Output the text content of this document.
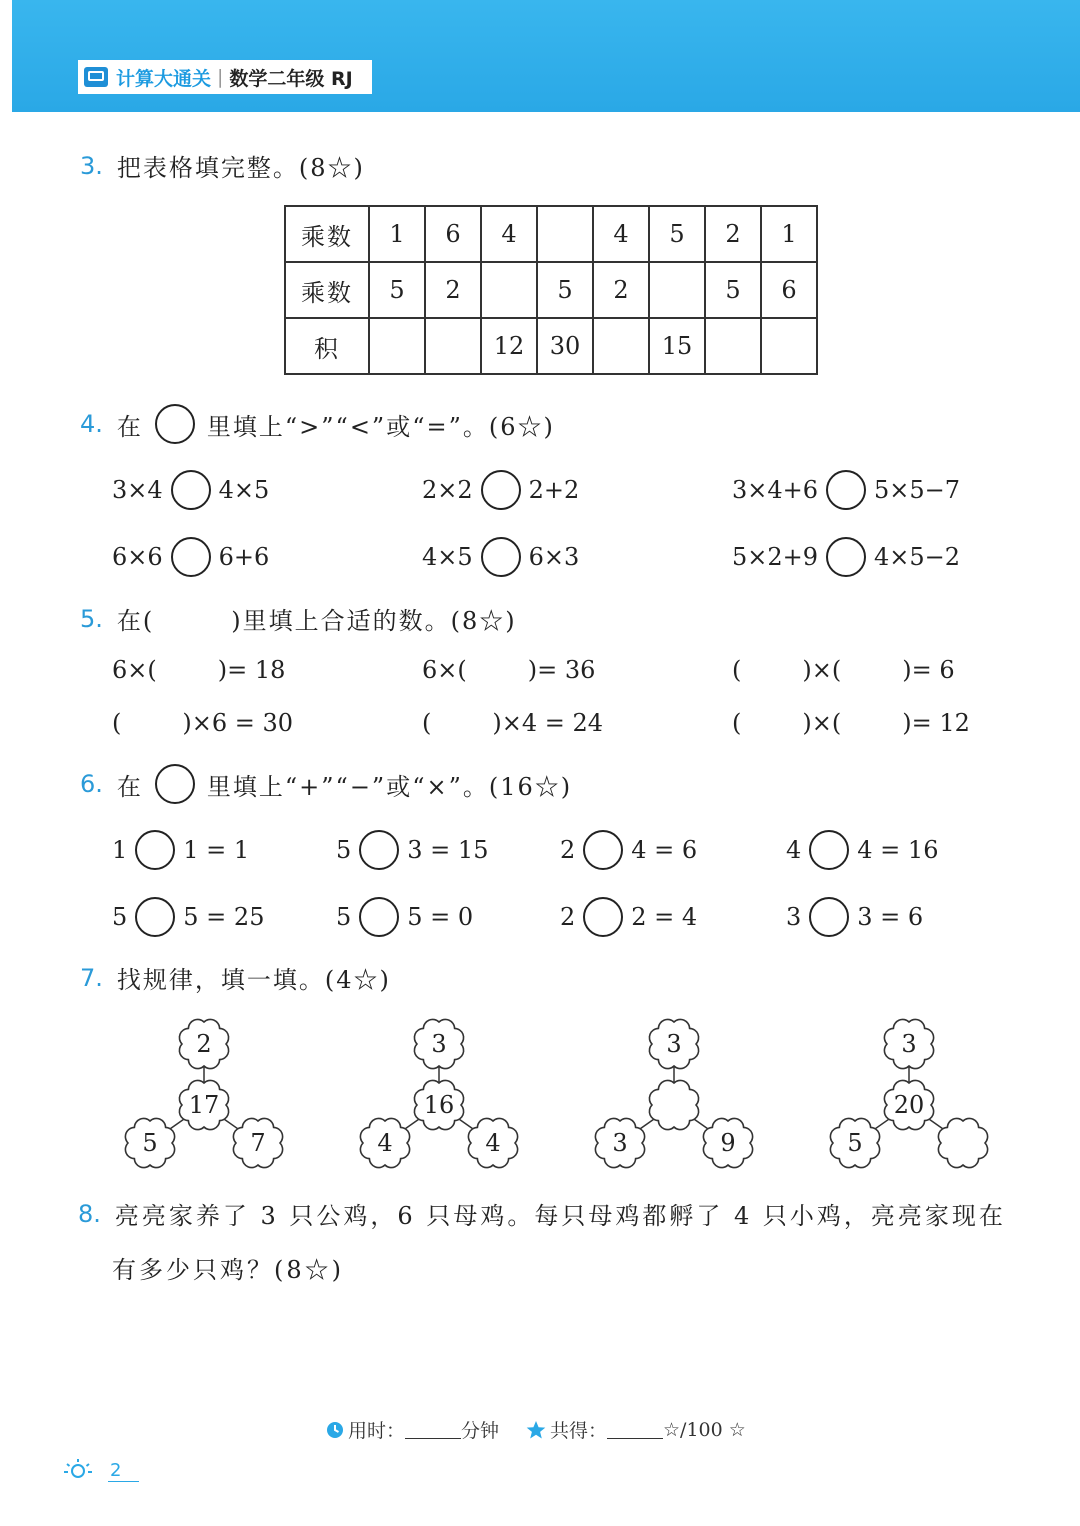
计算大通关 | 数学二年级 RJ
3. 把表格填完整。(8☆)
乘数	1	6	4		4	5	2	1
乘数	5	2		5	2		5	6
积			12	30		15		
4. 在	里填上“>”“<”或“=”。(6☆)
3×4 4×5	2×2 2+2	3×4+6 5×5−7
6×6 6+6	4×5 6×3	5×2+9 4×5−2
5. 在(        )里填上合适的数。(8☆)
6×(        )= 18	6×(        )= 36	(        )×(        )= 6
(        )×6 = 30	(        )×4 = 24	(        )×(        )= 12
6. 在	里填上“+”“−”或“×”。(16☆)
1 1 = 1	5 3 = 15	2 4 = 6	4 4 = 16
5 5 = 25	5 5 = 0	2 2 = 4	3 3 = 6
7. 找规律，填一填。(4☆)
2
17
5	7
3
16
4	4
3
3	9
3
20
5
8. 亮亮家养了 3 只公鸡，6 只母鸡。每只母鸡都孵了 4 只小鸡，亮亮家现在
有多少只鸡？(8☆)
用时：	分钟	共得：	☆/100 ☆
2
